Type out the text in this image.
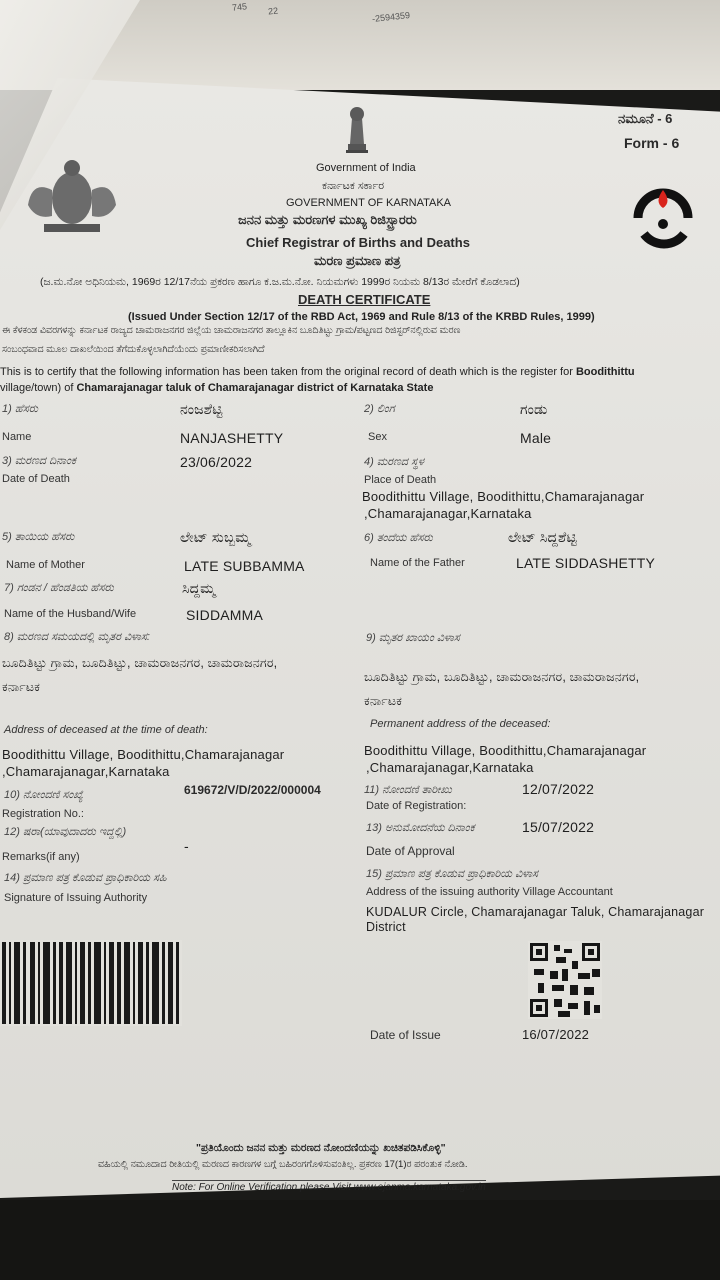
745 22	-2594359
ನಮೂನೆ - 6
Form - 6
Government of India
ಕರ್ನಾಟಕ ಸರ್ಕಾರ
GOVERNMENT OF KARNATAKA
ಜನನ ಮತ್ತು ಮರಣಗಳ ಮುಖ್ಯ ರಿಜಿಸ್ಟ್ರಾರರು
Chief Registrar of Births and Deaths
ಮರಣ ಪ್ರಮಾಣ ಪತ್ರ
(ಜ.ಮ.ನೋ ಅಧಿನಿಯಮ, 1969ರ 12/17ನೆಯ ಪ್ರಕರಣ ಹಾಗೂ ಕ.ಜ.ಮ.ನೋ. ನಿಯಮಗಳು 1999ರ ನಿಯಮ 8/13ರ ಮೇರೆಗೆ ಕೊಡಲಾದ)
DEATH CERTIFICATE
(Issued Under Section 12/17 of the RBD Act, 1969 and Rule 8/13 of the KRBD Rules, 1999)
ಈ ಕೆಳಕಂಡ ವಿವರಗಳನ್ನು ಕರ್ನಾಟಕ ರಾಜ್ಯದ ಚಾಮರಾಜನಗರ ಜಿಲ್ಲೆಯ ಚಾಮರಾಜನಗರ ತಾಲ್ಲೂಕಿನ ಬೂದಿತಿಟ್ಟು ಗ್ರಾಮ/ಪಟ್ಟಣದ ರಿಜಿಸ್ಟರ್‌ನಲ್ಲಿರುವ ಮರಣ
ಸಂಬಂಧವಾದ ಮೂಲ ದಾಖಲೆಯಿಂದ ತೆಗೆದುಕೊಳ್ಳಲಾಗಿದೆಯೆಂದು ಪ್ರಮಾಣೀಕರಿಸಲಾಗಿದೆ
This is to certify that the following information has been taken from the original record of death which is the register for Boodithittu
village/town) of Chamarajanagar taluk of Chamarajanagar district of Karnataka State
1) ಹೆಸರು	ನಂಜಶೆಟ್ಟಿ	2) ಲಿಂಗ	ಗಂಡು
Name	NANJASHETTY	Sex	Male
3) ಮರಣದ ದಿನಾಂಕ	23/06/2022	4) ಮರಣದ ಸ್ಥಳ
Date of Death	Place of Death
Boodithittu Village, Boodithittu,Chamarajanagar
,Chamarajanagar,Karnataka
5) ತಾಯಿಯ ಹೆಸರು	ಲೇಟ್ ಸುಬ್ಬಮ್ಮ	6) ತಂದೆಯ ಹೆಸರು	ಲೇಟ್ ಸಿದ್ದಶೆಟ್ಟಿ
Name of Mother	LATE SUBBAMMA	Name of the Father	LATE SIDDASHETTY
7) ಗಂಡನ / ಹೆಂಡತಿಯ ಹೆಸರು	ಸಿದ್ದಮ್ಮ
Name of the Husband/Wife	SIDDAMMA
8) ಮರಣದ ಸಮಯದಲ್ಲಿ ಮೃತರ ವಿಳಾಸ:	9) ಮೃತರ ಖಾಯಂ ವಿಳಾಸ
ಬೂದಿತಿಟ್ಟು ಗ್ರಾಮ, ಬೂದಿತಿಟ್ಟು, ಚಾಮರಾಜನಗರ, ಚಾಮರಾಜನಗರ,
ಕರ್ನಾಟಕ
ಬೂದಿತಿಟ್ಟು ಗ್ರಾಮ, ಬೂದಿತಿಟ್ಟು, ಚಾಮರಾಜನಗರ, ಚಾಮರಾಜನಗರ,
ಕರ್ನಾಟಕ
Address of deceased at the time of death:	Permanent address of the deceased:
Boodithittu Village, Boodithittu,Chamarajanagar
,Chamarajanagar,Karnataka
Boodithittu Village, Boodithittu,Chamarajanagar
,Chamarajanagar,Karnataka
10) ನೋಂದಣಿ ಸಂಖ್ಯೆ	619672/V/D/2022/000004	11) ನೋಂದಣಿ ತಾರೀಖು	12/07/2022
Registration No.:
Date of Registration:
12) ಷರಾ(ಯಾವುದಾದರು ಇದ್ದಲ್ಲಿ)
-
13) ಅನುಮೋದನೆಯ ದಿನಾಂಕ	15/07/2022
Remarks(if any)	Date of Approval
14) ಪ್ರಮಾಣ ಪತ್ರ ಕೊಡುವ ಪ್ರಾಧಿಕಾರಿಯ ಸಹಿ	15) ಪ್ರಮಾಣ ಪತ್ರ ಕೊಡುವ ಪ್ರಾಧಿಕಾರಿಯ ವಿಳಾಸ
Signature of Issuing Authority	Address of the issuing authority Village Accountant
KUDALUR Circle, Chamarajanagar Taluk, Chamarajanagar
District
Date of Issue	16/07/2022
"ಪ್ರತಿಯೊಂದು ಜನನ ಮತ್ತು ಮರಣದ ನೋಂದಣಿಯನ್ನು ಖಚಿತಪಡಿಸಿಕೊಳ್ಳಿ"
ವಹಿಯಲ್ಲಿ ನಮೂದಾದ ರೀತಿಯಲ್ಲಿ ಮರಣದ ಕಾರಣಗಳ ಬಗ್ಗೆ ಬಹಿರಂಗಗೊಳಿಸುವಂತಿಲ್ಲ. ಪ್ರಕರಣ 17(1)ರ ಪರಂತುಕ ನೋಡಿ.
Note: For Online Verification please Visit www.ejanma.karnataka.gov.in
